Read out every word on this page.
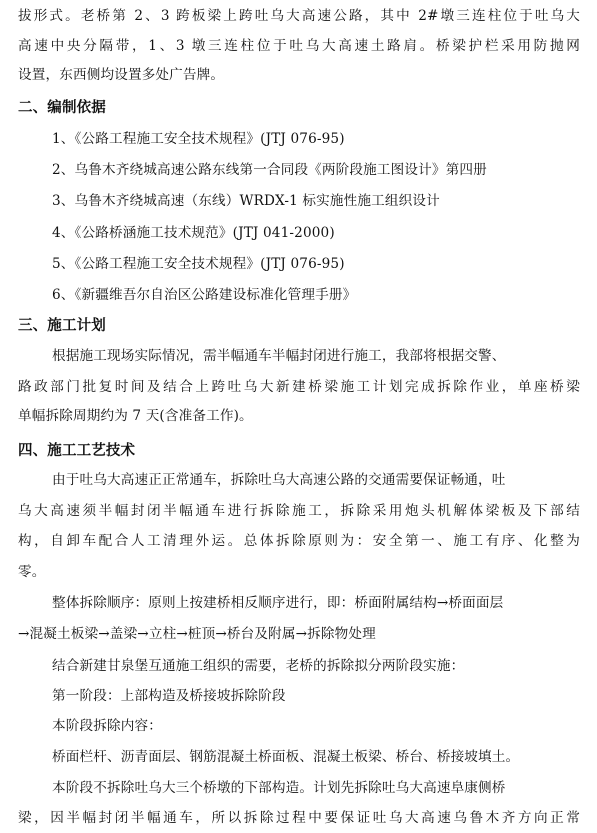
拔形式。老桥第 2、3 跨板梁上跨吐乌大高速公路，其中 2#墩三连柱位于吐乌大
高速中央分隔带，1、3 墩三连柱位于吐乌大高速土路肩。桥梁护栏采用防抛网
设置，东西侧均设置多处广告牌。
二、编制依据
1、《公路工程施工安全技术规程》(JTJ 076-95)
2、乌鲁木齐绕城高速公路东线第一合同段《两阶段施工图设计》第四册
3、乌鲁木齐绕城高速（东线）WRDX-1 标实施性施工组织设计
4、《公路桥涵施工技术规范》(JTJ 041-2000)
5、《公路工程施工安全技术规程》(JTJ 076-95)
6、《新疆维吾尔自治区公路建设标准化管理手册》
三、施工计划
根据施工现场实际情况，需半幅通车半幅封闭进行施工，我部将根据交警、
路政部门批复时间及结合上跨吐乌大新建桥梁施工计划完成拆除作业，单座桥梁
单幅拆除周期约为 7 天(含准备工作)。
四、施工工艺技术
由于吐乌大高速正正常通车，拆除吐乌大高速公路的交通需要保证畅通，吐
乌大高速须半幅封闭半幅通车进行拆除施工，拆除采用炮头机解体梁板及下部结
构，自卸车配合人工清理外运。总体拆除原则为：安全第一、施工有序、化整为
零。
整体拆除顺序：原则上按建桥相反顺序进行，即：桥面附属结构→桥面面层
→混凝土板梁→盖梁→立柱→桩顶→桥台及附属→拆除物处理
结合新建甘泉堡互通施工组织的需要，老桥的拆除拟分两阶段实施：
第一阶段：上部构造及桥接坡拆除阶段
本阶段拆除内容：
桥面栏杆、沥青面层、钢筋混凝土桥面板、混凝土板梁、桥台、桥接坡填土。
本阶段不拆除吐乌大三个桥墩的下部构造。计划先拆除吐乌大高速阜康侧桥
梁，因半幅封闭半幅通车，所以拆除过程中要保证吐乌大高速乌鲁木齐方向正常
